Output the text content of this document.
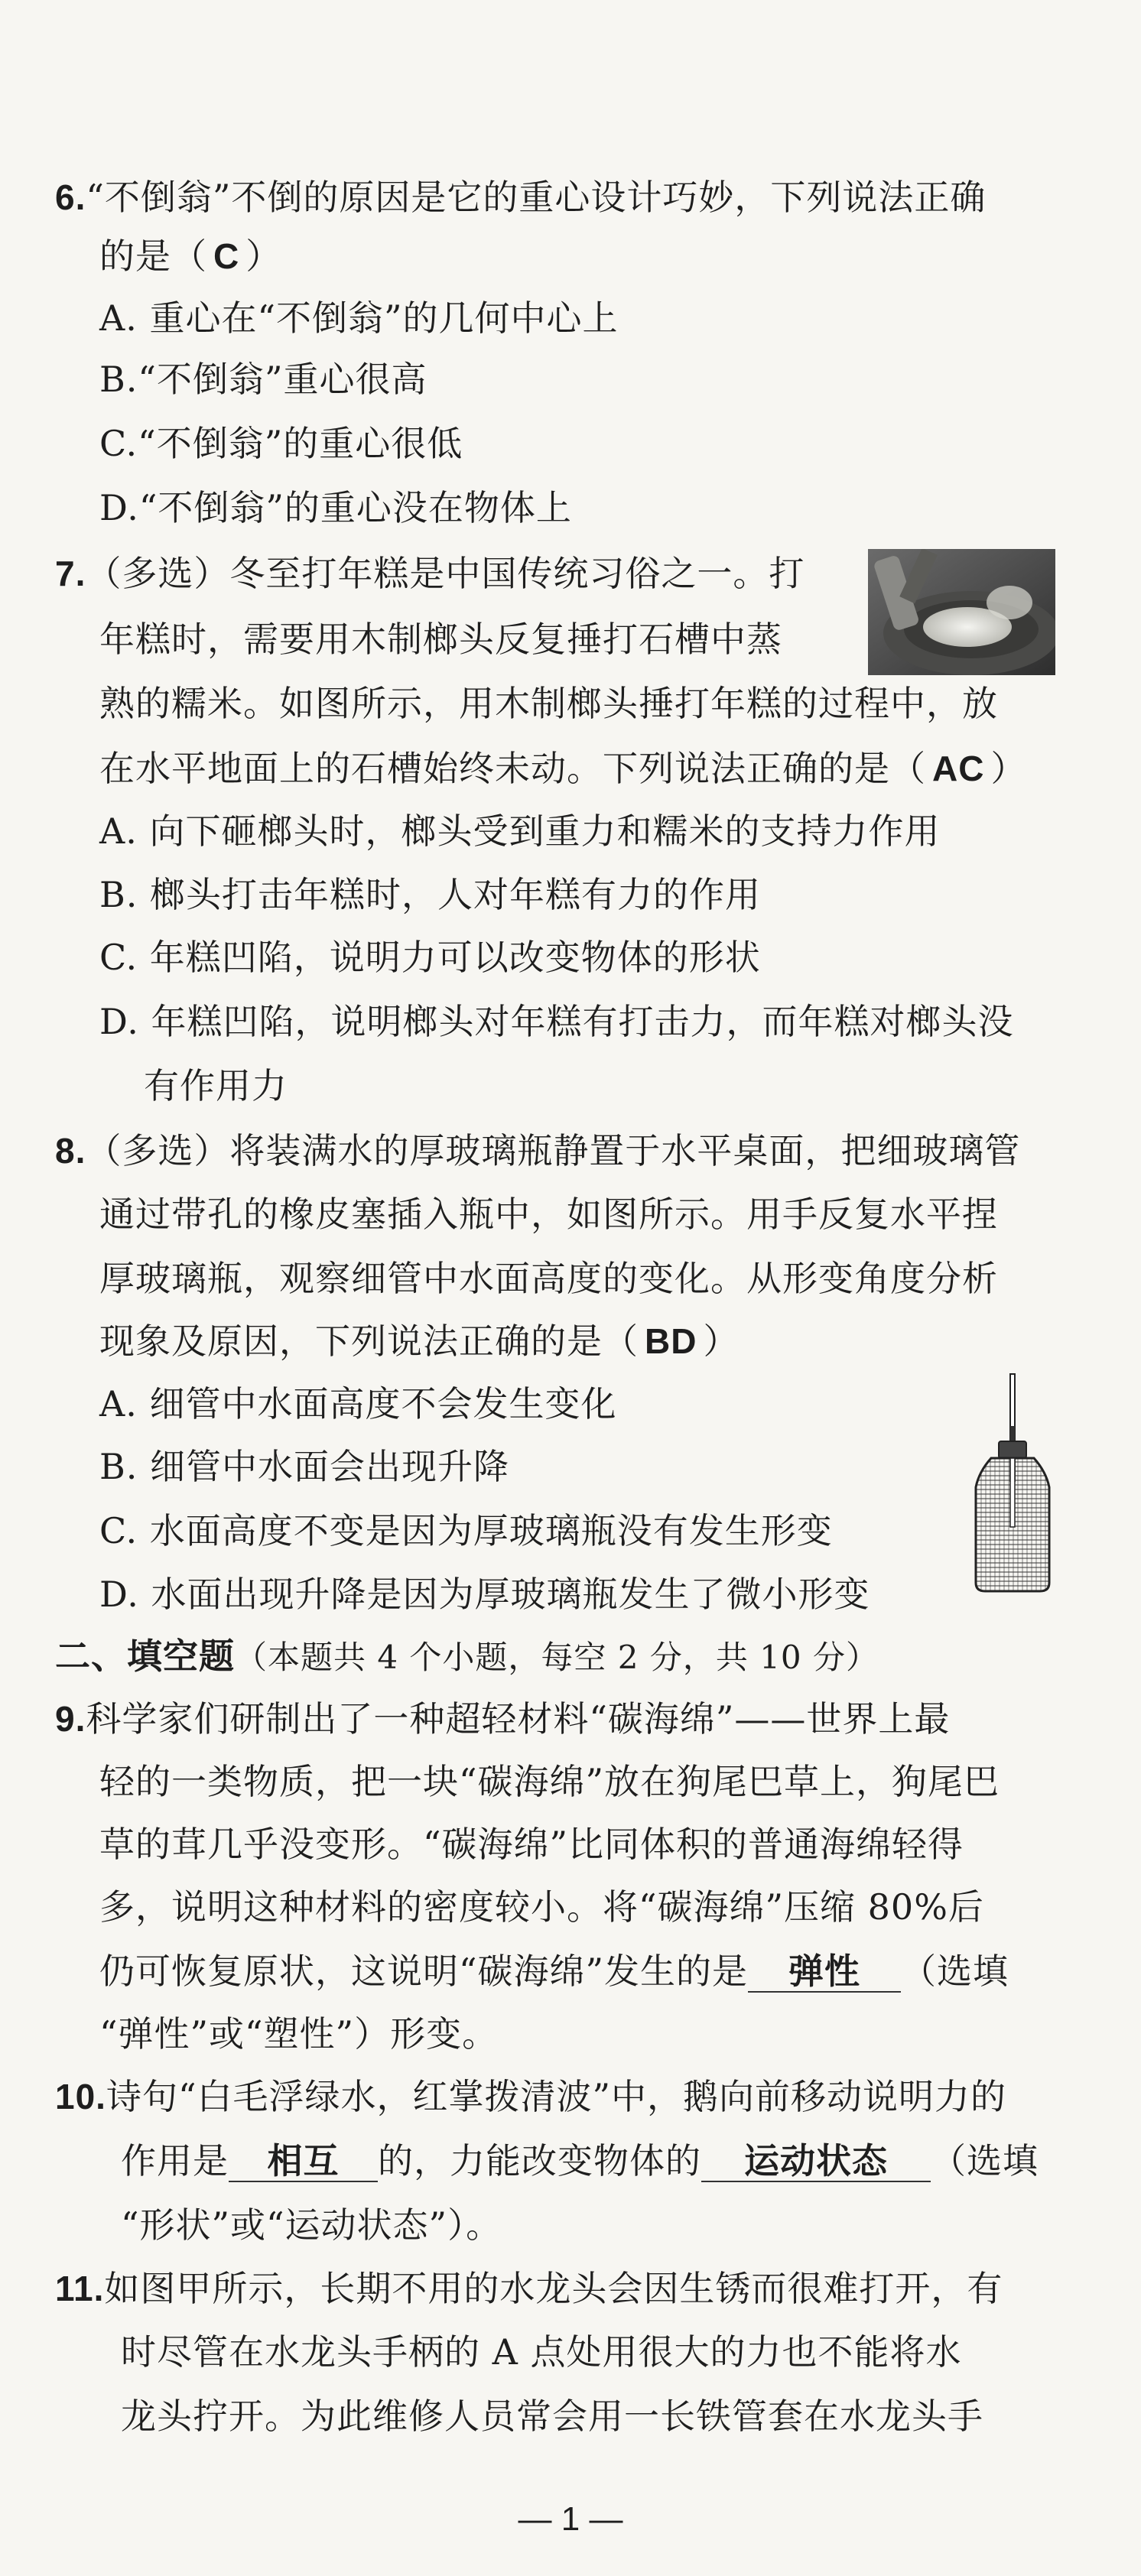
6.“不倒翁”不倒的原因是它的重心设计巧妙，下列说法正确
的是（ C ）
A. 重心在“不倒翁”的几何中心上
B.“不倒翁”重心很高
C.“不倒翁”的重心很低
D.“不倒翁”的重心没在物体上
7.（多选）冬至打年糕是中国传统习俗之一。打
年糕时，需要用木制榔头反复捶打石槽中蒸
熟的糯米。如图所示，用木制榔头捶打年糕的过程中，放
在水平地面上的石槽始终未动。下列说法正确的是（ AC ）
A. 向下砸榔头时，榔头受到重力和糯米的支持力作用
B. 榔头打击年糕时，人对年糕有力的作用
C. 年糕凹陷，说明力可以改变物体的形状
D. 年糕凹陷，说明榔头对年糕有打击力，而年糕对榔头没
有作用力
8.（多选）将装满水的厚玻璃瓶静置于水平桌面，把细玻璃管
通过带孔的橡皮塞插入瓶中，如图所示。用手反复水平捏
厚玻璃瓶，观察细管中水面高度的变化。从形变角度分析
现象及原因，下列说法正确的是（ BD ）
A. 细管中水面高度不会发生变化
B. 细管中水面会出现升降
C. 水面高度不变是因为厚玻璃瓶没有发生形变
D. 水面出现升降是因为厚玻璃瓶发生了微小形变
二、填空题（本题共 4 个小题，每空 2 分，共 10 分）
9.科学家们研制出了一种超轻材料“碳海绵”——世界上最
轻的一类物质，把一块“碳海绵”放在狗尾巴草上，狗尾巴
草的茸几乎没变形。“碳海绵”比同体积的普通海绵轻得
多，说明这种材料的密度较小。将“碳海绵”压缩 80%后
仍可恢复原状，这说明“碳海绵”发生的是 弹性 （选填
“弹性”或“塑性”）形变。
10.诗句“白毛浮绿水，红掌拨清波”中，鹅向前移动说明力的
作用是 相互 的，力能改变物体的 运动状态 （选填
“形状”或“运动状态”）。
11.如图甲所示，长期不用的水龙头会因生锈而很难打开，有
时尽管在水龙头手柄的 A 点处用很大的力也不能将水
龙头拧开。为此维修人员常会用一长铁管套在水龙头手
— 1 —
